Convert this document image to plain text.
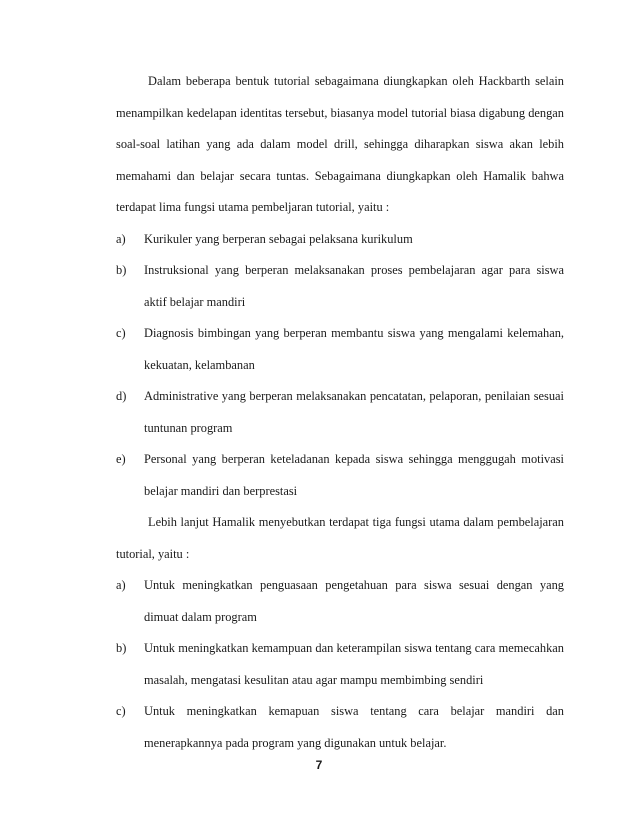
Dalam beberapa bentuk tutorial sebagaimana diungkapkan oleh Hackbarth selain menampilkan kedelapan identitas tersebut, biasanya model tutorial biasa digabung dengan soal-soal latihan yang ada dalam model drill, sehingga diharapkan siswa akan lebih memahami dan belajar secara tuntas. Sebagaimana diungkapkan oleh Hamalik bahwa terdapat lima fungsi utama pembeljaran tutorial, yaitu :

a)	Kurikuler yang berperan sebagai pelaksana kurikulum
b)	Instruksional yang berperan melaksanakan proses pembelajaran agar para siswa aktif belajar mandiri
c)	Diagnosis bimbingan yang berperan membantu siswa yang mengalami kelemahan, kekuatan, kelambanan
d)	Administrative yang berperan melaksanakan pencatatan, pelaporan, penilaian sesuai tuntunan program
e)	Personal yang berperan keteladanan kepada siswa sehingga menggugah motivasi belajar mandiri dan berprestasi

Lebih lanjut Hamalik menyebutkan terdapat tiga fungsi utama dalam pembelajaran tutorial, yaitu :

a)	Untuk meningkatkan penguasaan pengetahuan para siswa sesuai dengan yang dimuat dalam program
b)	Untuk meningkatkan kemampuan dan keterampilan siswa tentang cara memecahkan masalah, mengatasi kesulitan atau agar mampu membimbing sendiri
c)	Untuk meningkatkan kemapuan siswa tentang cara belajar mandiri dan menerapkannya pada program yang digunakan untuk belajar.
7
